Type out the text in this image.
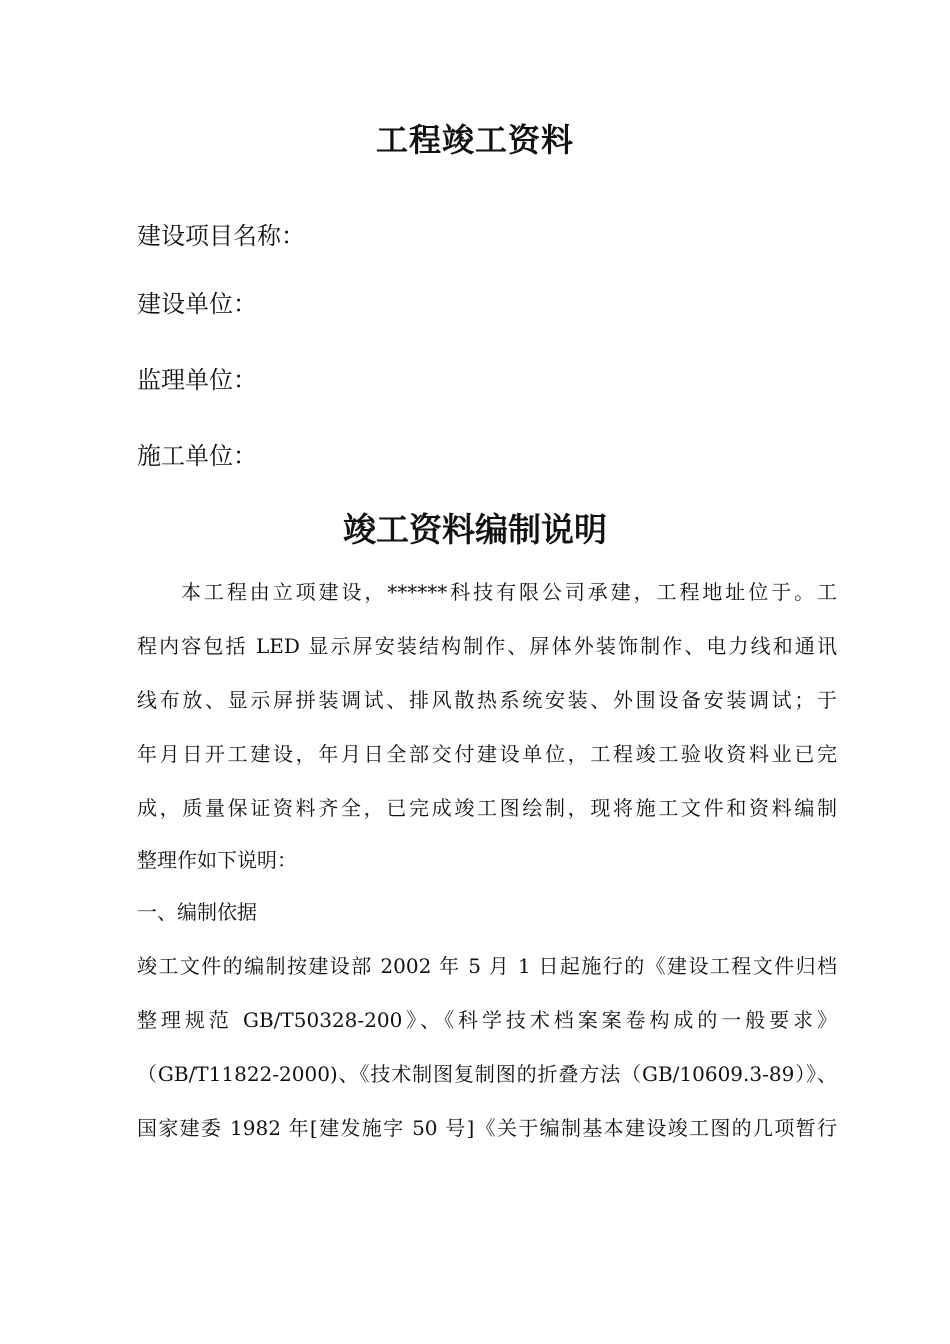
工程竣工资料

建设项目名称：

建设单位：

监理单位：

施工单位：

竣工资料编制说明

本工程由立项建设，******科技有限公司承建，工程地址位于。工

程内容包括 LED 显示屏安装结构制作、屏体外装饰制作、电力线和通讯

线布放、显示屏拼装调试、排风散热系统安装、外围设备安装调试；于

年月日开工建设，年月日全部交付建设单位，工程竣工验收资料业已完

成，质量保证资料齐全，已完成竣工图绘制，现将施工文件和资料编制

整理作如下说明：

一、编制依据

竣工文件的编制按建设部 2002 年 5 月 1 日起施行的《建设工程文件归档

整理规范 GB/T50328-200》、《科学技术档案案卷构成的一般要求》

（GB/T11822-2000)、《技术制图复制图的折叠方法（GB/10609.3-89）》、

国家建委 1982 年[建发施字 50 号]《关于编制基本建设竣工图的几项暂行
